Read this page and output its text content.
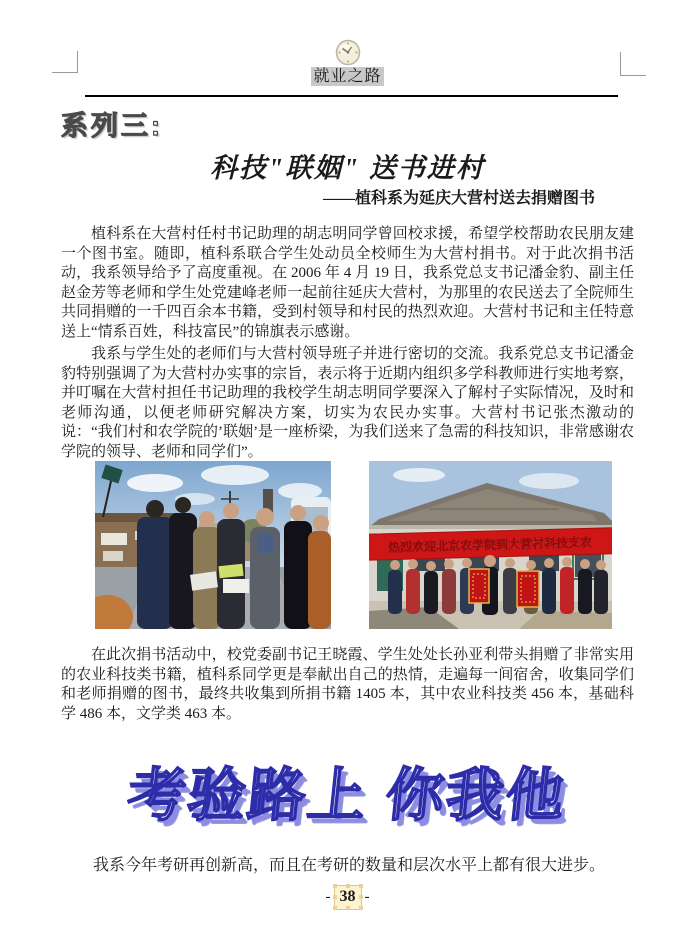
就业之路
系列三:
科技"联姻" 送书进村
——植科系为延庆大营村送去捐赠图书

植科系在大营村任村书记助理的胡志明同学曾回校求援，希望学校帮助农民朋友建一个图书室。随即，植科系联合学生处动员全校师生为大营村捐书。对于此次捐书活动，我系领导给予了高度重视。在 2006 年 4 月 19 日，我系党总支书记潘金豹、副主任赵金芳等老师和学生处党建峰老师一起前往延庆大营村，为那里的农民送去了全院师生共同捐赠的一千四百余本书籍，受到村领导和村民的热烈欢迎。大营村书记和主任特意送上“情系百姓，科技富民”的锦旗表示感谢。

我系与学生处的老师们与大营村领导班子并进行密切的交流。我系党总支书记潘金豹特别强调了为大营村办实事的宗旨，表示将于近期内组织多学科教师进行实地考察，并叮嘱在大营村担任书记助理的我校学生胡志明同学要深入了解村子实际情况，及时和老师沟通，以便老师研究解决方案，切实为农民办实事。大营村书记张杰激动的说：“我们村和农学院的’联姻’是一座桥梁，为我们送来了急需的科技知识，非常感谢农学院的领导、老师和同学们”。

热烈欢迎北京农学院到大营村科技支农

在此次捐书活动中，校党委副书记王晓霞、学生处处长孙亚利带头捐赠了非常实用的农业科技类书籍，植科系同学更是奉献出自己的热情，走遍每一间宿舍，收集同学们和老师捐赠的图书，最终共收集到所捐书籍 1405 本，其中农业科技类 456 本，基础科学 486 本，文学类 463 本。

考验路上 你我他

我系今年考研再创新高，而且在考研的数量和层次水平上都有很大进步。

- 38 -
